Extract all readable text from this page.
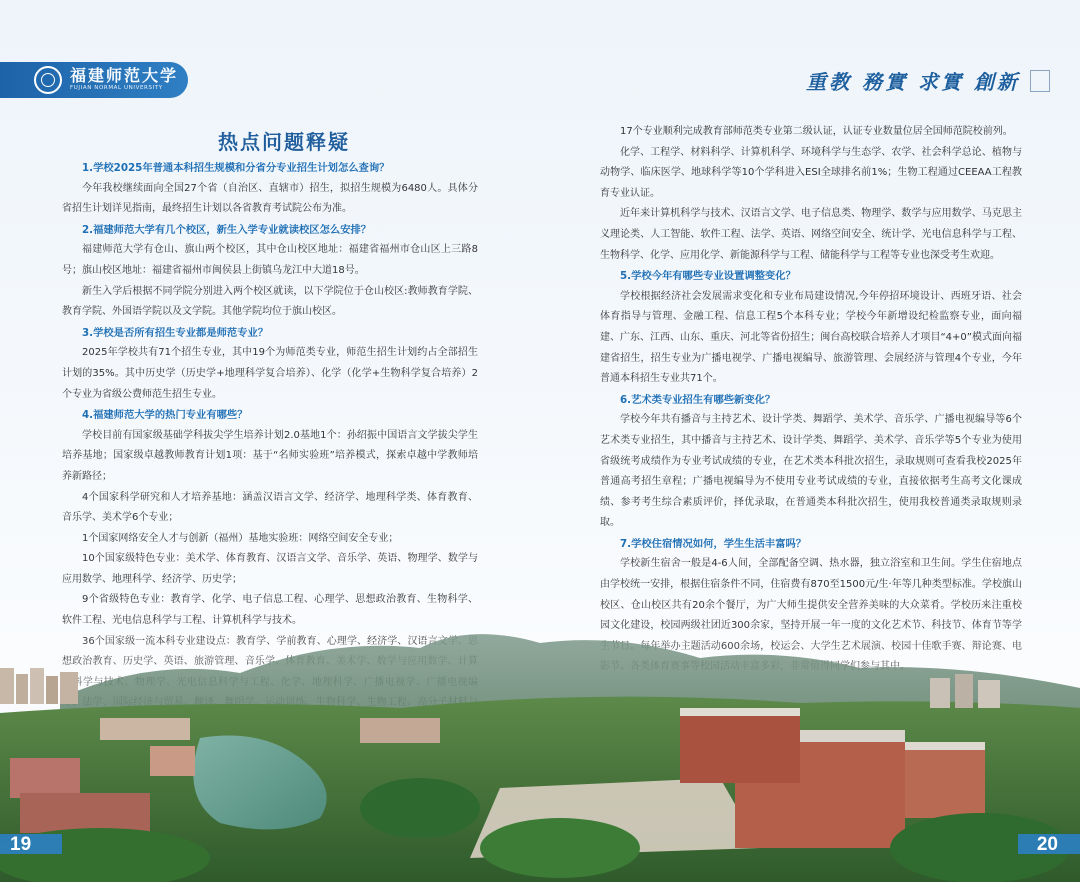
福建师范大学
FUJIAN NORMAL UNIVERSITY	重教 務實 求實 創新
热点问题释疑
1.学校2025年普通本科招生规模和分省分专业招生计划怎么查询？

今年我校继续面向全国27个省（自治区、直辖市）招生，拟招生规模为6480人。具体分省招生计划详见指南，最终招生计划以各省教育考试院公布为准。

2.福建师范大学有几个校区，新生入学专业就读校区怎么安排？

福建师范大学有仓山、旗山两个校区，其中仓山校区地址：福建省福州市仓山区上三路8号；旗山校区地址：福建省福州市闽侯县上街镇乌龙江中大道18号。

新生入学后根据不同学院分别进入两个校区就读，以下学院位于仓山校区:教师教育学院、教育学院、外国语学院以及文学院。其他学院均位于旗山校区。

3.学校是否所有招生专业都是师范专业？

2025年学校共有71个招生专业，其中19个为师范类专业，师范生招生计划约占全部招生计划的35%。其中历史学（历史学+地理科学复合培养）、化学（化学+生物科学复合培养）2个专业为省级公费师范生招生专业。

4.福建师范大学的热门专业有哪些？

学校目前有国家级基础学科拔尖学生培养计划2.0基地1个：孙绍振中国语言文学拔尖学生培养基地；国家级卓越教师教育计划1项：基于“名师实验班”培养模式，探索卓越中学教师培养新路径；

4个国家科学研究和人才培养基地：涵盖汉语言文学、经济学、地理科学类、体育教育、音乐学、美术学6个专业；

1个国家网络安全人才与创新（福州）基地实验班：网络空间安全专业；

10个国家级特色专业：美术学、体育教育、汉语言文学、音乐学、英语、物理学、数学与应用数学、地理科学、经济学、历史学；

9个省级特色专业：教育学、化学、电子信息工程、心理学、思想政治教育、生物科学、

17个专业顺利完成教育部师范类专业第二级认证，认证专业数量位居全国师范院校前列。

化学、工程学、材料科学、计算机科学、环境科学与生态学、农学、社会科学总论、植物与动物学、临床医学、地球科学等10个学科进入ESI全球排名前1%；生物工程通过CEEAA工程教育专业认证。

近年来计算机科学与技术、汉语言文学、电子信息类、物理学、数学与应用数学、马克思主义理论类、人工智能、软件工程、法学、英语、网络空间安全、统计学、光电信息科学与工程、生物科学、化学、应用化学、新能源科学与工程、储能科学与工程等专业也深受考生欢迎。

5.学校今年有哪些专业设置调整变化？

学校根据经济社会发展需求变化和专业布局建设情况,今年停招环境设计、西班牙语、社会体育指导与管理、金融工程、信息工程5个本科专业；学校今年新增设纪检监察专业，面向福建、广东、江西、山东、重庆、河北等省份招生；闽台高校联合培养人才项目“4+0”模式面向福建省招生，招生专业为广播电视学、广播电视编导、旅游管理、会展经济与管理4个专业，今年普通本科招生专业共71个。

6.艺术类专业招生有哪些新变化？

学校今年共有播音与主持艺术、设计学类、舞蹈学、美术学、音乐学、广播电视编导等6个艺术类专业招生，其中播音与主持艺术、设计学类、舞蹈学、美术学、音乐学等5个专业为使用省级统考成绩作为专业考试成绩的专业，在艺术类本科批次招生，录取规则可查看我校2025年普通高考招生章程；广播电视编导为不使用专业考试成绩的专业，直接依据考生高考文化课成绩、参考考生综合素质评价，择优录取，在普通类本科批次招生，使用我校普通类录取规则录取。

7.学校住宿情况如何，学生生活丰富吗？

学校新生宿舍一般是4-6人间，全部配备空调、热水器，独立浴室和卫生间。学生住宿地点由学校统一安排，根据住宿条件不同，住宿费有870至1500元/生·年等几种类型标准。学校旗山校区、仓山校区共有20余个餐厅，为广大师生提供安全营养美味的大众菜肴。学校历来注重校

19	20
